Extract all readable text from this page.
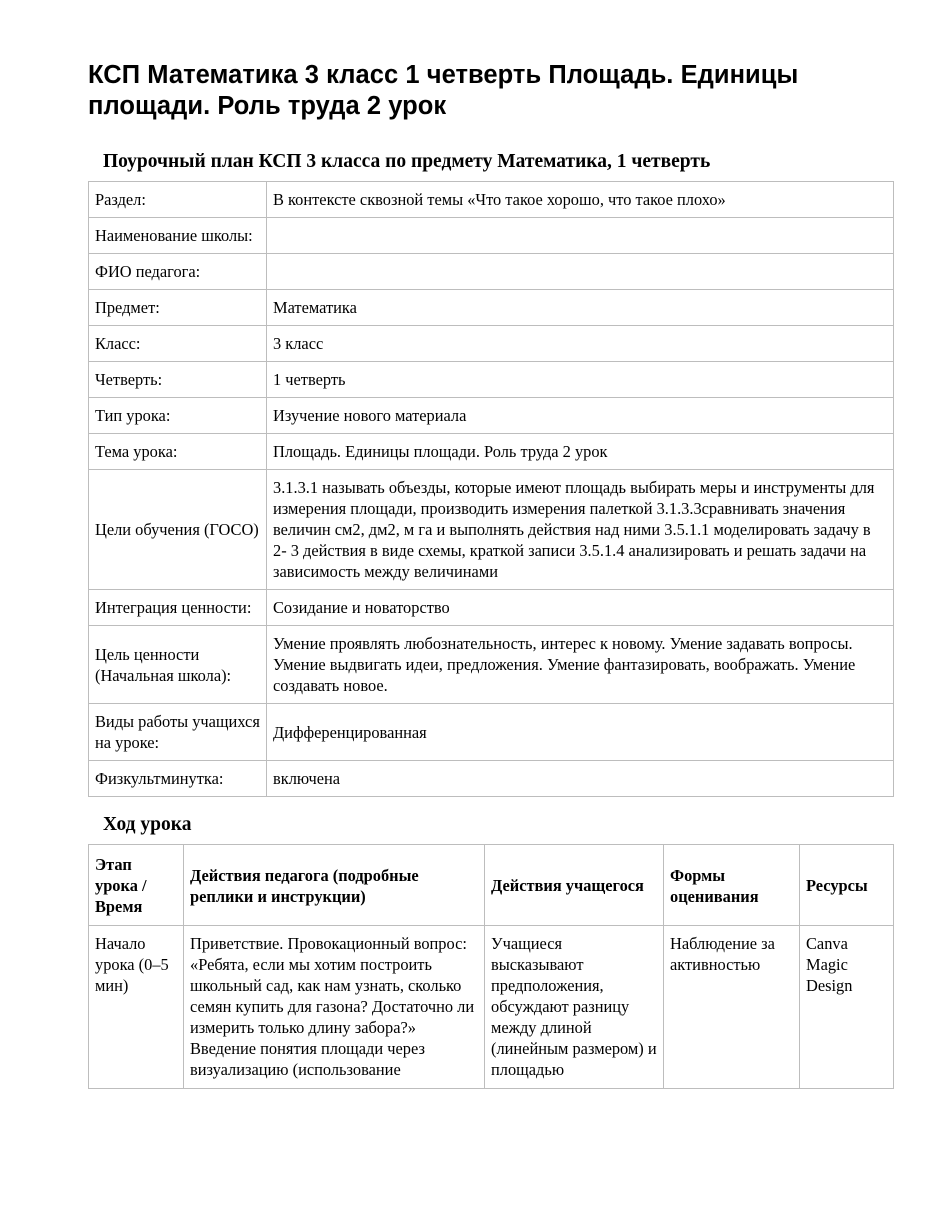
КСП Математика 3 класс 1 четверть Площадь. Единицы площади. Роль труда 2 урок
Поурочный план КСП 3 класса по предмету Математика, 1 четверть
Раздел:	В контексте сквозной темы «Что такое хорошо, что такое плохо»
Наименование школы:	
ФИО педагога:	
Предмет:	Математика
Класс:	3 класс
Четверть:	1 четверть
Тип урока:	Изучение нового материала
Тема урока:	Площадь. Единицы площади. Роль труда 2 урок
Цели обучения (ГОСО)	3.1.3.1 называть объезды, которые имеют площадь выбирать меры и инструменты для измерения площади, производить измерения палеткой 3.1.3.3сравнивать значения величин см2, дм2, м га и выполнять действия над ними 3.5.1.1 моделировать задачу в 2- 3 действия в виде схемы, краткой записи 3.5.1.4 анализировать и решать задачи на зависимость между величинами
Интеграция ценности:	Созидание и новаторство
Цель ценности (Начальная школа):	Умение проявлять любознательность, интерес к новому. Умение задавать вопросы. Умение выдвигать идеи, предложения. Умение фантазировать, воображать. Умение создавать новое.
Виды работы учащихся на уроке:	Дифференцированная
Физкультминутка:	включена
Ход урока
Этап урока / Время	Действия педагога (подробные реплики и инструкции)	Действия учащегося	Формы оценивания	Ресурсы
Начало урока (0–5 мин)	Приветствие. Провокационный вопрос: «Ребята, если мы хотим построить школьный сад, как нам узнать, сколько семян купить для газона? Достаточно ли измерить только длину забора?» Введение понятия площади через визуализацию (использование	Учащиеся высказывают предположения, обсуждают разницу между длиной (линейным размером) и площадью	Наблюдение за активностью	Canva Magic Design
